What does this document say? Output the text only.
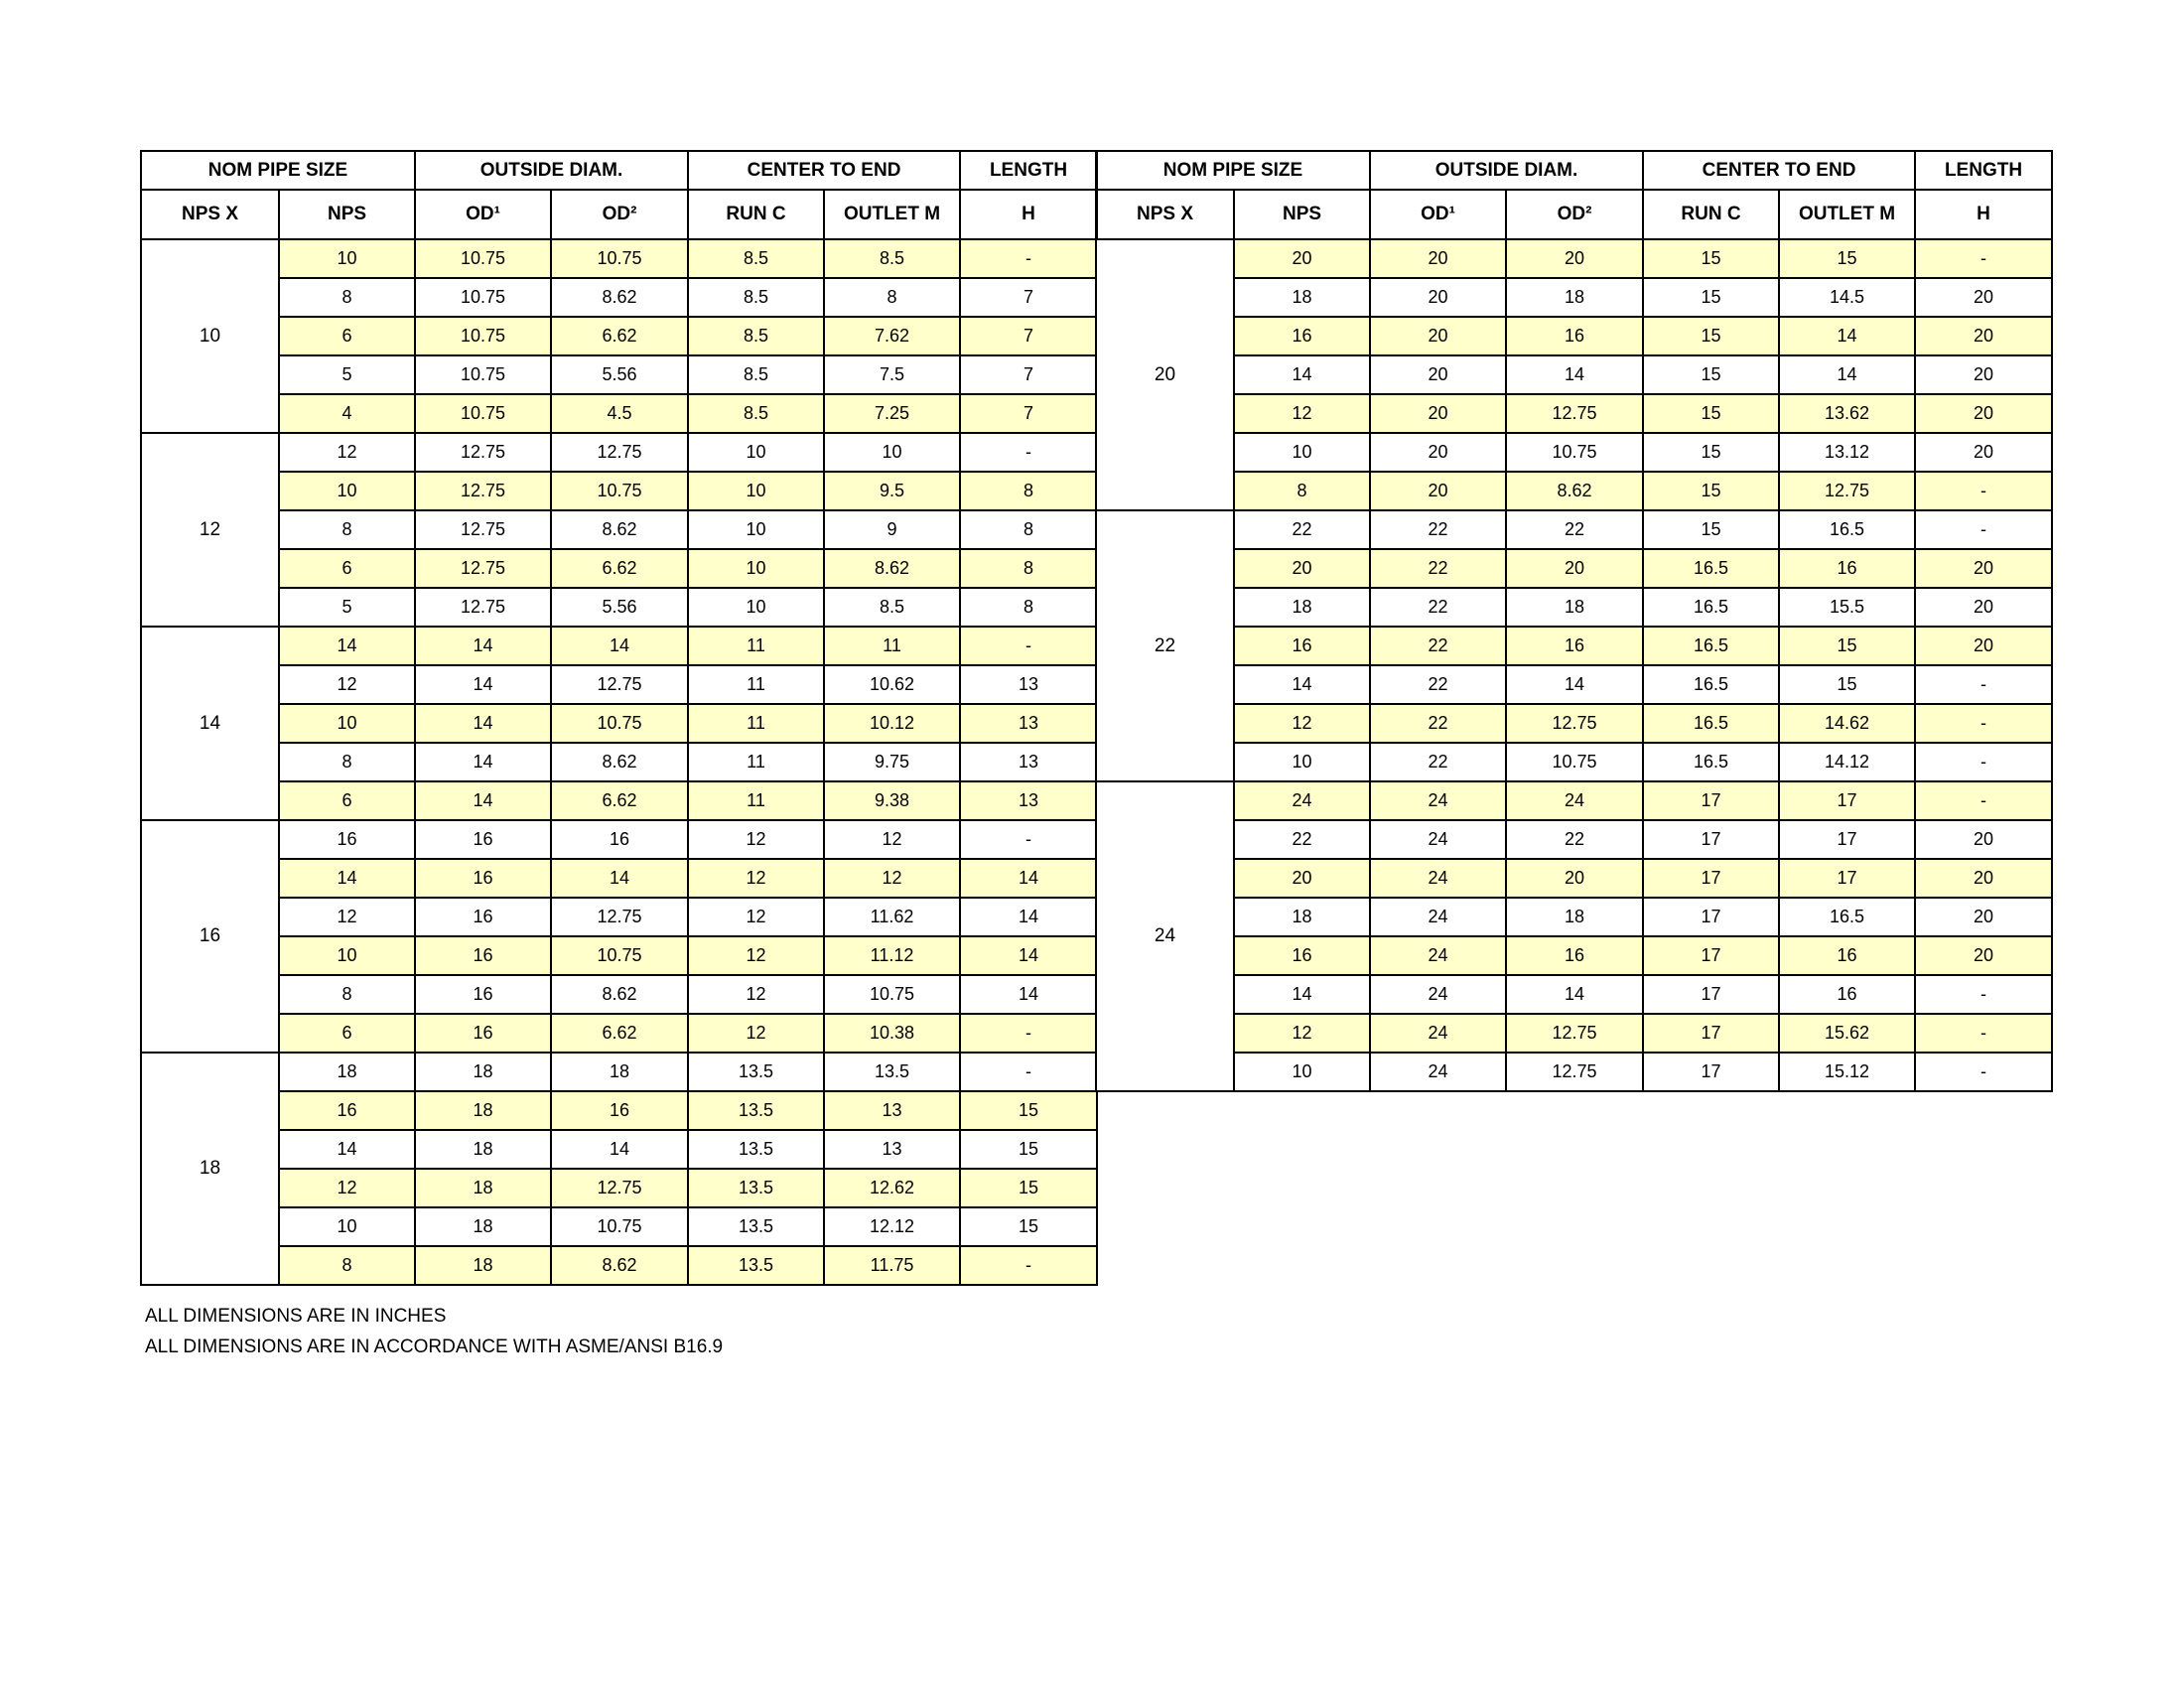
NOM PIPE SIZE		OUTSIDE DIAM.		CENTER TO END		LENGTH
NPS X	NPS	OD¹	OD²	RUN C	OUTLET M	H
10	10	10.75	10.75	8.5	8.5	-
	8	10.75	8.62	8.5	8	7
	6	10.75	6.62	8.5	7.62	7
	5	10.75	5.56	8.5	7.5	7
	4	10.75	4.5	8.5	7.25	7
12	12	12.75	12.75	10	10	-
	10	12.75	10.75	10	9.5	8
	8	12.75	8.62	10	9	8
	6	12.75	6.62	10	8.62	8
	5	12.75	5.56	10	8.5	8
14	14	14	14	11	11	-
	12	14	12.75	11	10.62	13
	10	14	10.75	11	10.12	13
	8	14	8.62	11	9.75	13
	6	14	6.62	11	9.38	13
16	16	16	16	12	12	-
	14	16	14	12	12	14
	12	16	12.75	12	11.62	14
	10	16	10.75	12	11.12	14
	8	16	8.62	12	10.75	14
	6	16	6.62	12	10.38	-
18	18	18	18	13.5	13.5	-
	16	18	16	13.5	13	15
	14	18	14	13.5	13	15
	12	18	12.75	13.5	12.62	15
	10	18	10.75	13.5	12.12	15
	8	18	8.62	13.5	11.75	-
NOM PIPE SIZE		OUTSIDE DIAM.		CENTER TO END		LENGTH
NPS X	NPS	OD¹	OD²	RUN C	OUTLET M	H
20	20	20	20	15	15	-
	18	20	18	15	14.5	20
	16	20	16	15	14	20
	14	20	14	15	14	20
	12	20	12.75	15	13.62	20
	10	20	10.75	15	13.12	20
	8	20	8.62	15	12.75	-
22	22	22	22	15	16.5	-
	20	22	20	16.5	16	20
	18	22	18	16.5	15.5	20
	16	22	16	16.5	15	20
	14	22	14	16.5	15	-
	12	22	12.75	16.5	14.62	-
	10	22	10.75	16.5	14.12	-
24	24	24	24	17	17	-
	22	24	22	17	17	20
	20	24	20	17	17	20
	18	24	18	17	16.5	20
	16	24	16	17	16	20
	14	24	14	17	16	-
	12	24	12.75	17	15.62	-
	10	24	12.75	17	15.12	-
ALL DIMENSIONS ARE IN INCHES
ALL DIMENSIONS ARE IN ACCORDANCE WITH ASME/ANSI B16.9
